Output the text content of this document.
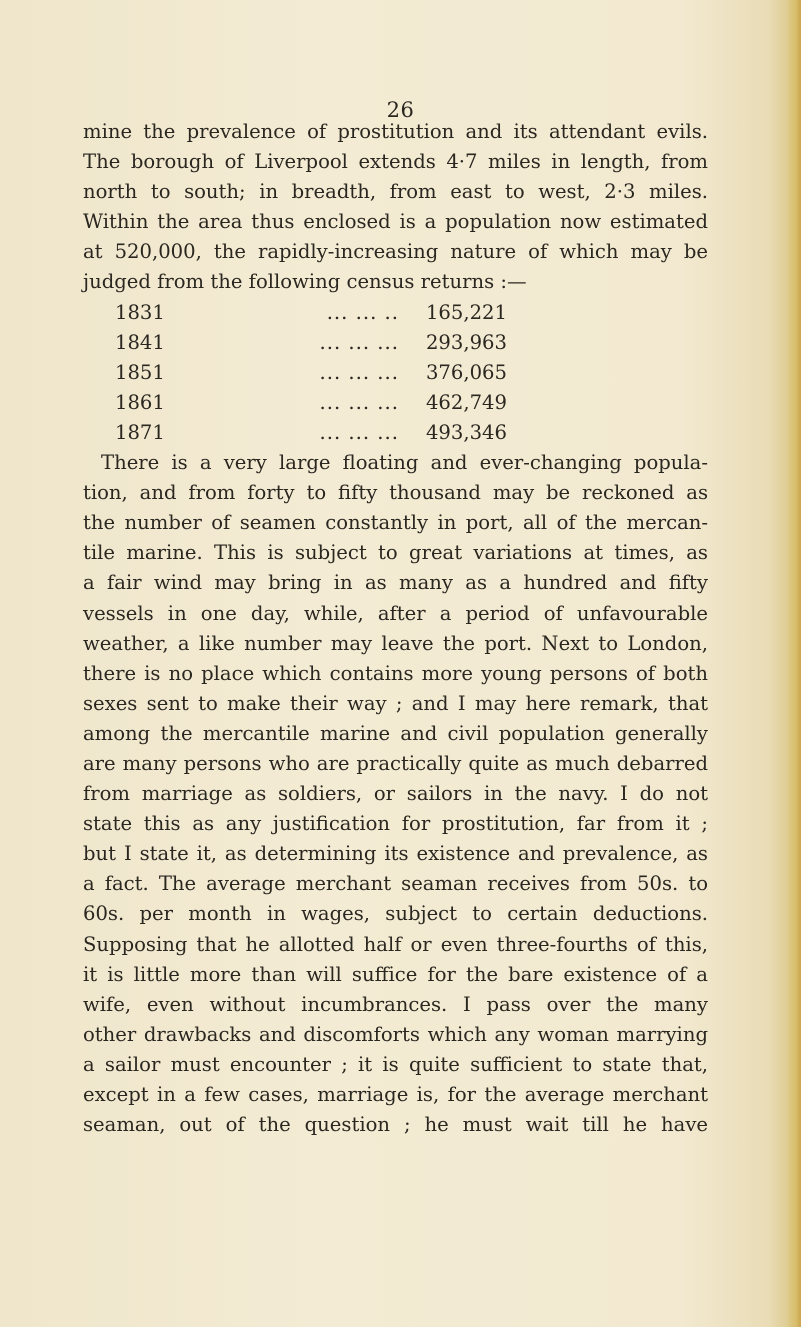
26
mine the prevalence of prostitution and its attendant evils.
The borough of Liverpool extends 4·7 miles in length, from
north to south; in breadth, from east to west, 2·3 miles.
Within the area thus enclosed is a population now estimated
at 520,000, the rapidly-increasing nature of which may be
judged from the following census returns :—
1831	... ... ..	165,221
1841	... ... ...	293,963
1851	... ... ...	376,065
1861	... ... ...	462,749
1871	... ... ...	493,346
There is a very large floating and ever-changing popula-
tion, and from forty to fifty thousand may be reckoned as
the number of seamen constantly in port, all of the mercan-
tile marine. This is subject to great variations at times, as
a fair wind may bring in as many as a hundred and fifty
vessels in one day, while, after a period of unfavourable
weather, a like number may leave the port. Next to London,
there is no place which contains more young persons of both
sexes sent to make their way ; and I may here remark, that
among the mercantile marine and civil population generally
are many persons who are practically quite as much debarred
from marriage as soldiers, or sailors in the navy. I do not
state this as any justification for prostitution, far from it ;
but I state it, as determining its existence and prevalence, as
a fact. The average merchant seaman receives from 50s. to
60s. per month in wages, subject to certain deductions.
Supposing that he allotted half or even three-fourths of this,
it is little more than will suffice for the bare existence of a
wife, even without incumbrances. I pass over the many
other drawbacks and discomforts which any woman marrying
a sailor must encounter ; it is quite sufficient to state that,
except in a few cases, marriage is, for the average merchant
seaman, out of the question ; he must wait till he have
